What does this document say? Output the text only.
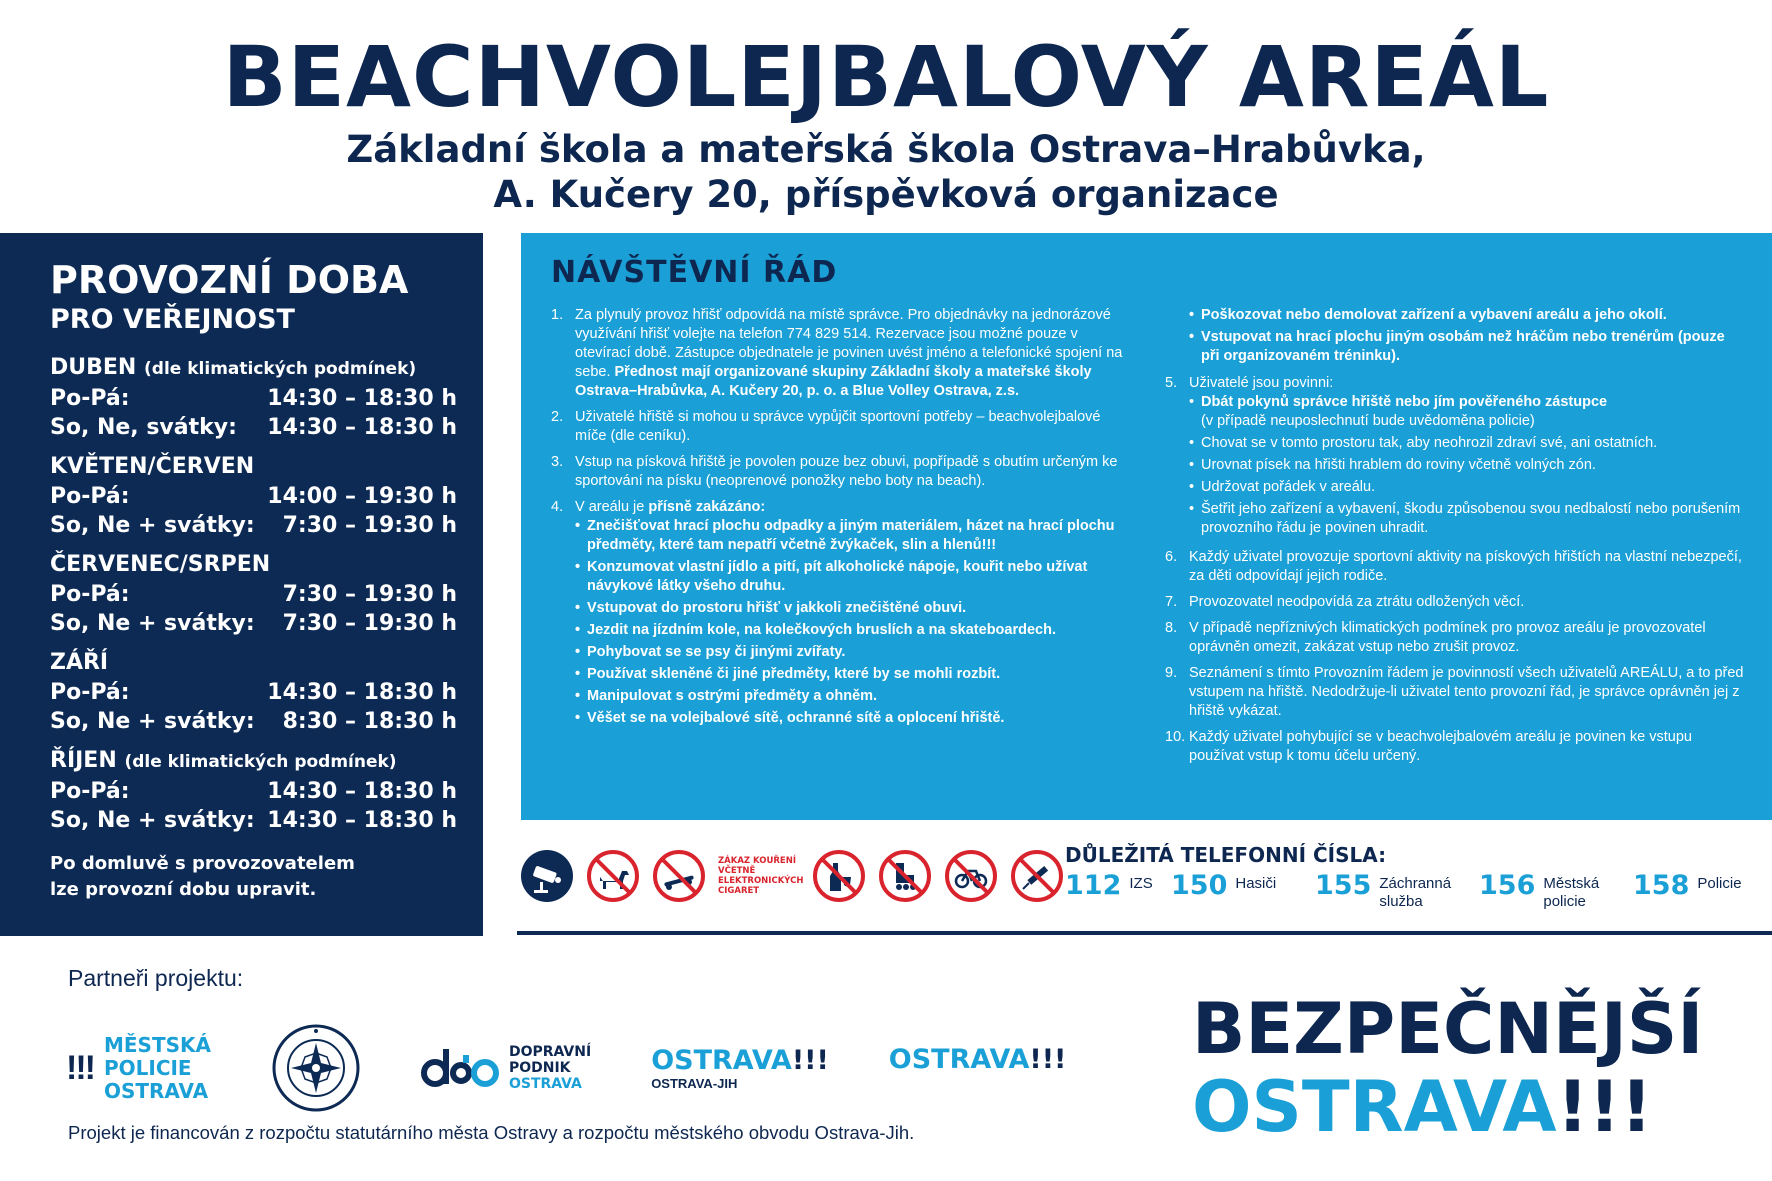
BEACHVOLEJBALOVÝ AREÁL
Základní škola a mateřská škola Ostrava–Hrabůvka,
A. Kučery 20, příspěvková organizace
PROVOZNÍ DOBA
PRO VEŘEJNOST
DUBEN (dle klimatických podmínek)
Po-Pá:	14:30 – 18:30 h
So, Ne, svátky: 14:30 – 18:30 h
KVĚTEN/ČERVEN
Po-Pá:	14:00 – 19:30 h
So, Ne + svátky: 7:30 – 19:30 h
ČERVENEC/SRPEN
Po-Pá:	7:30 – 19:30 h
So, Ne + svátky: 7:30 – 19:30 h
ZÁŘÍ
Po-Pá:	14:30 – 18:30 h
So, Ne + svátky: 8:30 – 18:30 h
ŘÍJEN (dle klimatických podmínek)
Po-Pá:	14:30 – 18:30 h
So, Ne + svátky: 14:30 – 18:30 h
Po domluvě s provozovatelem
lze provozní dobu upravit.
NÁVŠTĚVNÍ ŘÁD
1. Za plynulý provoz hřišť odpovídá na místě správce. Pro objednávky na jednorázové využívání hřišť volejte na telefon 774 829 514. Rezervace jsou možné pouze v otevírací době. Zástupce objednatele je povinen uvést jméno a telefonické spojení na sebe. Přednost mají organizované skupiny Základní školy a mateřské školy Ostrava–Hrabůvka, A. Kučery 20, p. o. a Blue Volley Ostrava, z.s.
2. Uživatelé hřiště si mohou u správce vypůjčit sportovní potřeby – beachvolejbalové míče (dle ceníku).
3. Vstup na písková hřiště je povolen pouze bez obuvi, popřípadě s obutím určeným ke sportování na písku (neoprenové ponožky nebo boty na beach).
4. V areálu je přísně zakázáno:
• Znečišťovat hrací plochu odpadky a jiným materiálem, házet na hrací plochu předměty, které tam nepatří včetně žvýkaček, slin a hlenů!!!
• Konzumovat vlastní jídlo a pití, pít alkoholické nápoje, kouřit nebo užívat návykové látky všeho druhu.
• Vstupovat do prostoru hřišť v jakkoli znečištěné obuvi.
• Jezdit na jízdním kole, na kolečkových bruslích a na skateboardech.
• Pohybovat se se psy či jinými zvířaty.
• Používat skleněné či jiné předměty, které by se mohli rozbít.
• Manipulovat s ostrými předměty a ohněm.
• Věšet se na volejbalové sítě, ochranné sítě a oplocení hřiště.
• Poškozovat nebo demolovat zařízení a vybavení areálu a jeho okolí.
• Vstupovat na hrací plochu jiným osobám než hráčům nebo trenérům (pouze při organizovaném tréninku).
5. Uživatelé jsou povinni:
• Dbát pokynů správce hřiště nebo jím pověřeného zástupce
(v případě neuposlechnutí bude uvědoměna policie)
• Chovat se v tomto prostoru tak, aby neohrozil zdraví své, ani ostatních.
• Urovnat písek na hřišti hrablem do roviny včetně volných zón.
• Udržovat pořádek v areálu.
• Šetřit jeho zařízení a vybavení, škodu způsobenou svou nedbalostí nebo porušením provozního řádu je povinen uhradit.
6. Každý uživatel provozuje sportovní aktivity na pískových hřištích na vlastní nebezpečí, za děti odpovídají jejich rodiče.
7. Provozovatel neodpovídá za ztrátu odložených věcí.
8. V případě nepříznivých klimatických podmínek pro provoz areálu je provozovatel oprávněn omezit, zakázat vstup nebo zrušit provoz.
9. Seznámení s tímto Provozním řádem je povinností všech uživatelů AREÁLU, a to před vstupem na hřiště. Nedodržuje-li uživatel tento provozní řád, je správce oprávněn jej z hřiště vykázat.
10. Každý uživatel pohybující se v beachvolejbalovém areálu je povinen ke vstupu používat vstup k tomu účelu určený.
ZÁKAZ KOUŘENÍ VČETNĚ ELEKTRONICKÝCH CIGARET
DŮLEŽITÁ TELEFONNÍ ČÍSLA:
112 IZS 150 Hasiči 155 Záchranná služba
156 Městská policie
158 Policie
Partneři projektu:
!!!
MĚSTSKÁ
POLICIE
OSTRAVA
DOPRAVNÍ
PODNIK
OSTRAVA
OSTRAVA!!!
OSTRAVA-JIH
OSTRAVA!!!
Projekt je financován z rozpočtu statutárního města Ostravy a rozpočtu městského obvodu Ostrava-Jih.
BEZPEČNĚJŠÍ
OSTRAVA!!!
